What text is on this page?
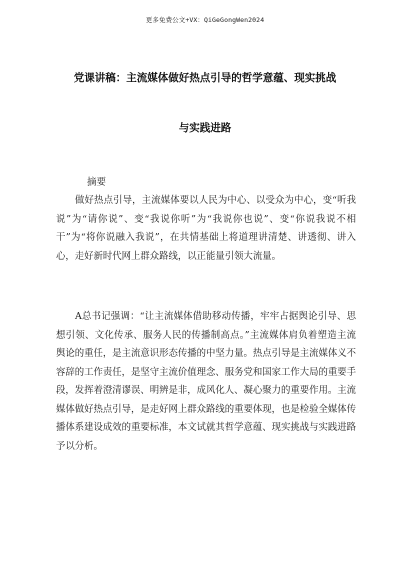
更多免费公文+VX：QiGeGongWen2024
党课讲稿：主流媒体做好热点引导的哲学意蕴、现实挑战
与实践进路
摘要

做好热点引导，主流媒体要以人民为中心、以受众为中心，变“听我说”为“请你说”、变“我说你听”为“我说你也说”、变“你说我说不相干”为“将你说融入我说”，在共情基础上将道理讲清楚、讲透彻、讲入心，走好新时代网上群众路线，以正能量引领大流量。

A总书记强调：“让主流媒体借助移动传播，牢牢占据舆论引导、思想引领、文化传承、服务人民的传播制高点。”主流媒体肩负着塑造主流舆论的重任，是主流意识形态传播的中坚力量。热点引导是主流媒体义不容辞的工作责任，是坚守主流价值理念、服务党和国家工作大局的重要手段，发挥着澄清谬误、明辨是非，成风化人、凝心聚力的重要作用。主流媒体做好热点引导，是走好网上群众路线的重要体现，也是检验全媒体传播体系建设成效的重要标准，本文试就其哲学意蕴、现实挑战与实践进路予以分析。
